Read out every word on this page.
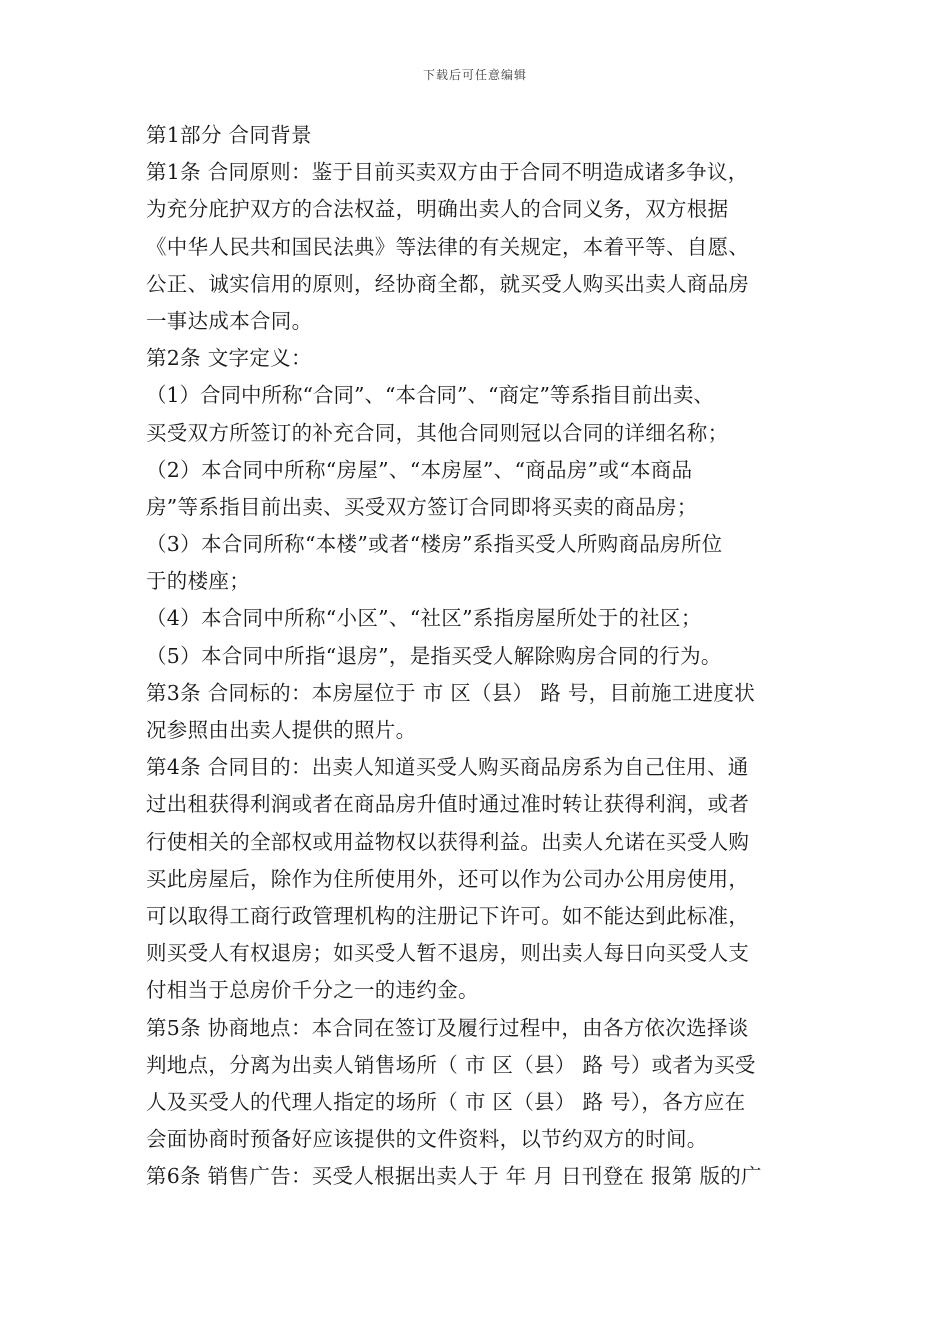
下载后可任意编辑
第1部分 合同背景
第1条 合同原则：鉴于目前买卖双方由于合同不明造成诸多争议，
为充分庇护双方的合法权益，明确出卖人的合同义务，双方根据
《中华人民共和国民法典》等法律的有关规定，本着平等、自愿、
公正、诚实信用的原则，经协商全都，就买受人购买出卖人商品房
一事达成本合同。
第2条 文字定义：
（1）合同中所称“合同”、“本合同”、“商定”等系指目前出卖、
买受双方所签订的补充合同，其他合同则冠以合同的详细名称；
（2）本合同中所称“房屋”、“本房屋”、“商品房”或“本商品
房”等系指目前出卖、买受双方签订合同即将买卖的商品房；
（3）本合同所称“本楼”或者“楼房”系指买受人所购商品房所位
于的楼座；
（4）本合同中所称“小区”、“社区”系指房屋所处于的社区；
（5）本合同中所指“退房”，是指买受人解除购房合同的行为。
第3条 合同标的：本房屋位于 市 区（县） 路 号，目前施工进度状
况参照由出卖人提供的照片。
第4条 合同目的：出卖人知道买受人购买商品房系为自己住用、通
过出租获得利润或者在商品房升值时通过准时转让获得利润，或者
行使相关的全部权或用益物权以获得利益。出卖人允诺在买受人购
买此房屋后，除作为住所使用外，还可以作为公司办公用房使用，
可以取得工商行政管理机构的注册记下许可。如不能达到此标准，
则买受人有权退房；如买受人暂不退房，则出卖人每日向买受人支
付相当于总房价千分之一的违约金。
第5条 协商地点：本合同在签订及履行过程中，由各方依次选择谈
判地点，分离为出卖人销售场所（ 市 区（县） 路 号）或者为买受
人及买受人的代理人指定的场所（ 市 区（县） 路 号），各方应在
会面协商时预备好应该提供的文件资料，以节约双方的时间。
第6条 销售广告：买受人根据出卖人于 年 月 日刊登在 报第 版的广
